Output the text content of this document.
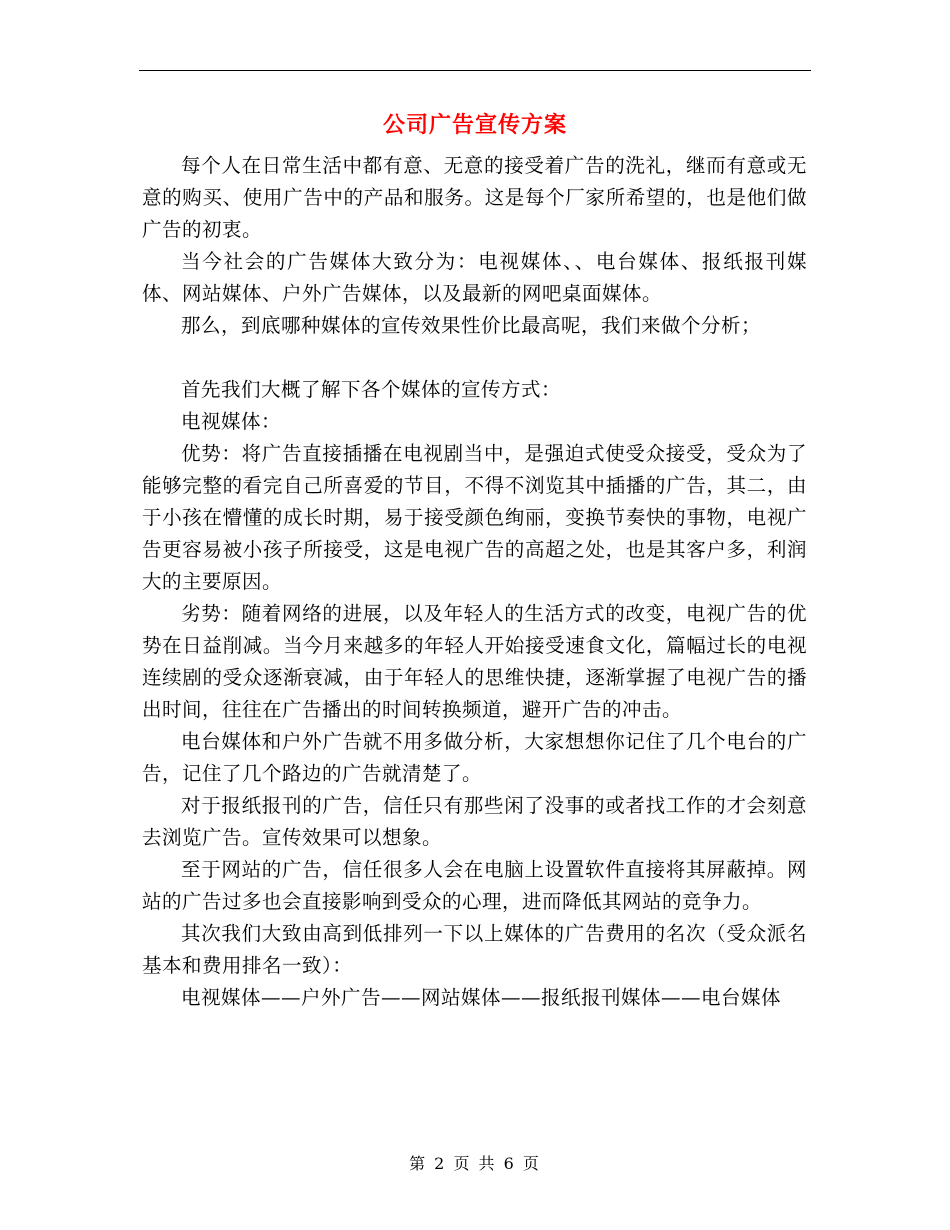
公司广告宣传方案

每个人在日常生活中都有意、无意的接受着广告的洗礼，继而有意或无意的购买、使用广告中的产品和服务。这是每个厂家所希望的，也是他们做广告的初衷。

当今社会的广告媒体大致分为：电视媒体、、电台媒体、报纸报刊媒体、网站媒体、户外广告媒体，以及最新的网吧桌面媒体。

那么，到底哪种媒体的宣传效果性价比最高呢，我们来做个分析；

首先我们大概了解下各个媒体的宣传方式：

电视媒体：

优势：将广告直接插播在电视剧当中，是强迫式使受众接受，受众为了能够完整的看完自己所喜爱的节目，不得不浏览其中插播的广告，其二，由于小孩在懵懂的成长时期，易于接受颜色绚丽，变换节奏快的事物，电视广告更容易被小孩子所接受，这是电视广告的高超之处，也是其客户多，利润大的主要原因。

劣势：随着网络的进展，以及年轻人的生活方式的改变，电视广告的优势在日益削减。当今月来越多的年轻人开始接受速食文化，篇幅过长的电视连续剧的受众逐渐衰减，由于年轻人的思维快捷，逐渐掌握了电视广告的播出时间，往往在广告播出的时间转换频道，避开广告的冲击。

电台媒体和户外广告就不用多做分析，大家想想你记住了几个电台的广告，记住了几个路边的广告就清楚了。

对于报纸报刊的广告，信任只有那些闲了没事的或者找工作的才会刻意去浏览广告。宣传效果可以想象。

至于网站的广告，信任很多人会在电脑上设置软件直接将其屏蔽掉。网站的广告过多也会直接影响到受众的心理，进而降低其网站的竞争力。

其次我们大致由高到低排列一下以上媒体的广告费用的名次（受众派名基本和费用排名一致）：

电视媒体——户外广告——网站媒体——报纸报刊媒体——电台媒体

第 2 页 共 6 页
